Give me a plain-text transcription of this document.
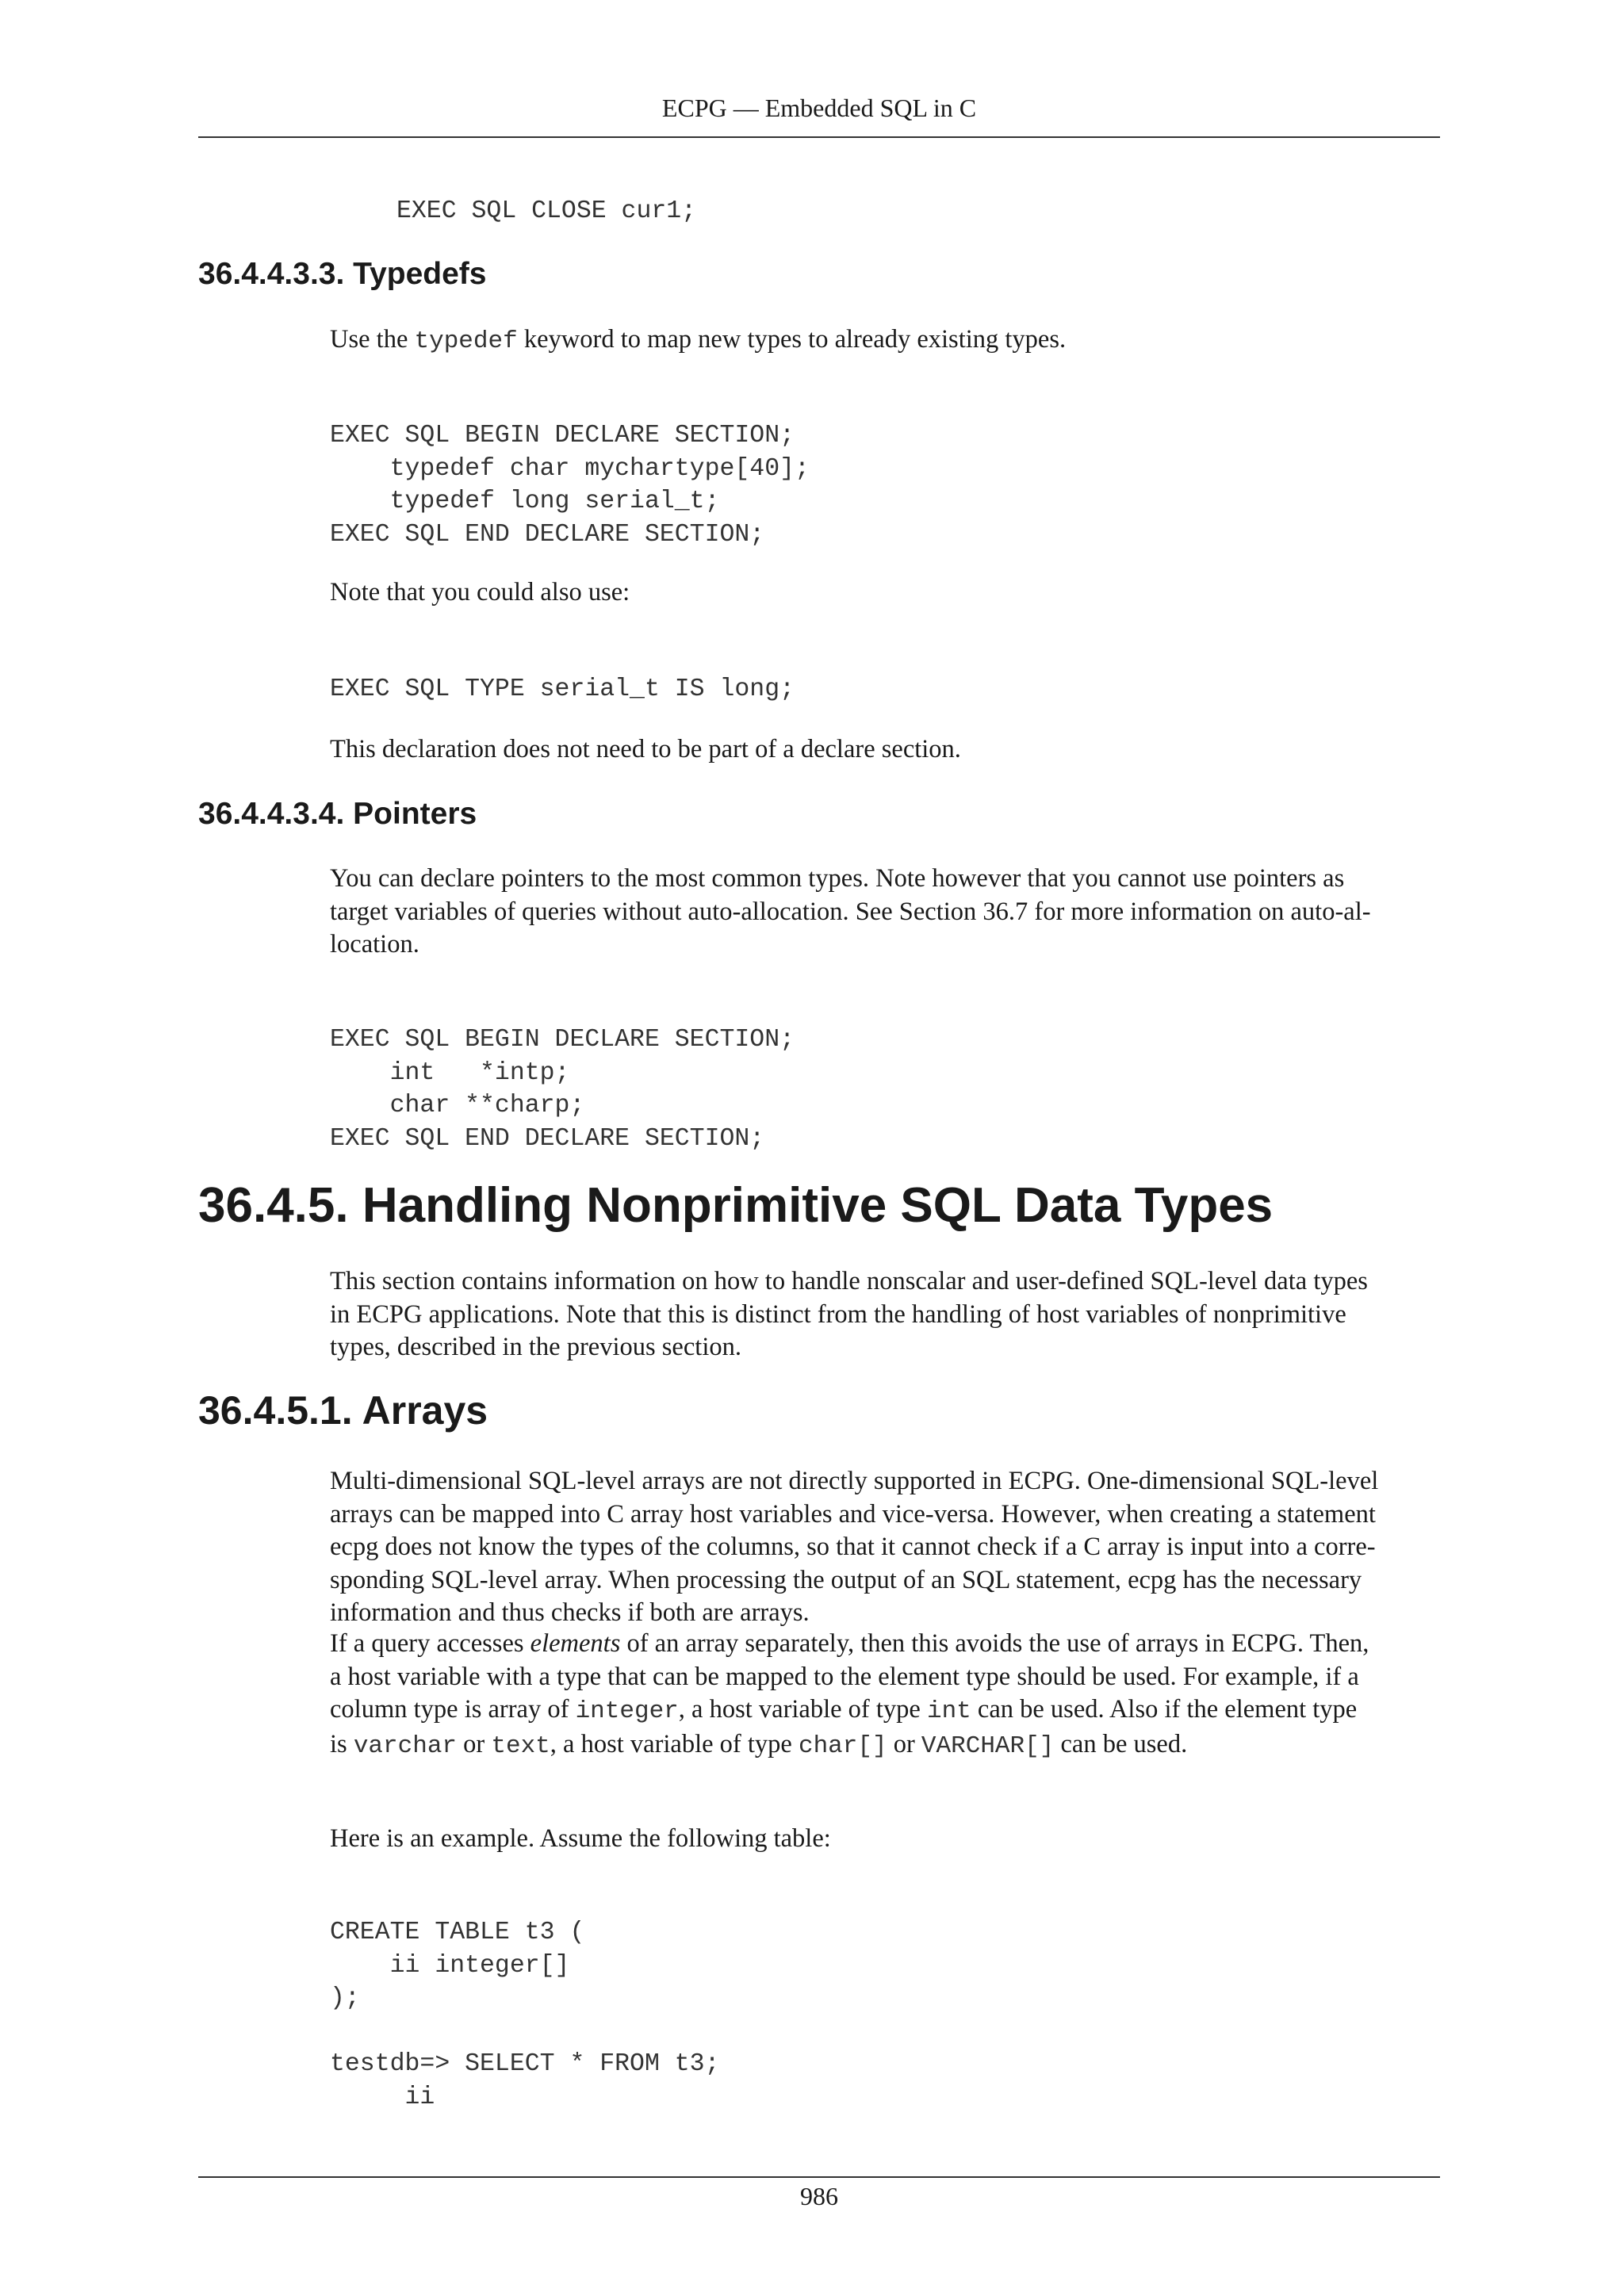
ECPG — Embedded SQL in C
EXEC SQL CLOSE cur1;
36.4.4.3.3. Typedefs

Use the typedef keyword to map new types to already existing types.

EXEC SQL BEGIN DECLARE SECTION;
typedef char mychartype[40];
typedef long serial_t;
EXEC SQL END DECLARE SECTION;

Note that you could also use:

EXEC SQL TYPE serial_t IS long;

This declaration does not need to be part of a declare section.

36.4.4.3.4. Pointers

You can declare pointers to the most common types. Note however that you cannot use pointers as
target variables of queries without auto-allocation. See Section 36.7 for more information on auto-al-
location.

EXEC SQL BEGIN DECLARE SECTION;
int   *intp;
char **charp;
EXEC SQL END DECLARE SECTION;
36.4.5. Handling Nonprimitive SQL Data Types

This section contains information on how to handle nonscalar and user-defined SQL-level data types
in ECPG applications. Note that this is distinct from the handling of host variables of nonprimitive
types, described in the previous section.

36.4.5.1. Arrays

Multi-dimensional SQL-level arrays are not directly supported in ECPG. One-dimensional SQL-level
arrays can be mapped into C array host variables and vice-versa. However, when creating a statement
ecpg does not know the types of the columns, so that it cannot check if a C array is input into a corre-
sponding SQL-level array. When processing the output of an SQL statement, ecpg has the necessary
information and thus checks if both are arrays.

If a query accesses elements of an array separately, then this avoids the use of arrays in ECPG. Then,
a host variable with a type that can be mapped to the element type should be used. For example, if a
column type is array of integer, a host variable of type int can be used. Also if the element type
is varchar or text, a host variable of type char[] or VARCHAR[] can be used.

Here is an example. Assume the following table:

CREATE TABLE t3 (
ii integer[]
);

testdb=> SELECT * FROM t3;
ii
986
